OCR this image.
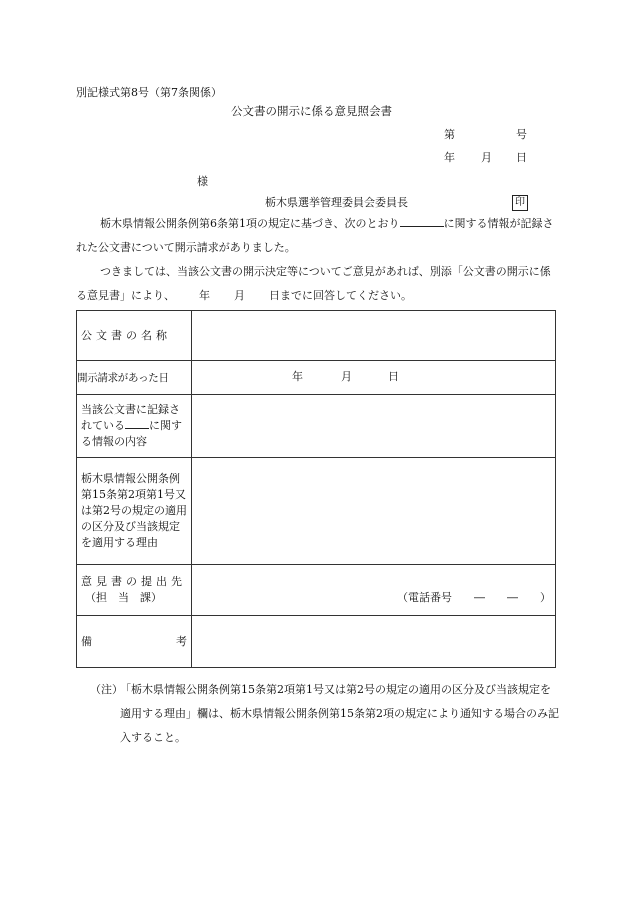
別記様式第8号（第7条関係）
公文書の開示に係る意見照会書
第	号
年 月 日
様
栃木県選挙管理委員会委員長	印
栃木県情報公開条例第6条第1項の規定に基づき、次のとおり	に関する情報が記録された公文書について開示請求がありました。
つきましては、当該公文書の開示決定等についてご意見があれば、別添「公文書の開示に係る意見書」により、 年 月 日までに回答してください。
公文書の名称	
開示請求があった日	年 月 日

当該公文書に記録されている に関する情報の内容	
栃木県情報公開条例第15条第2項第1号又は第2号の規定の適用の区分及び当該規定を適用する理由	

意見書の提出先
（担　当　課）	（電話番号　　―　　―　　）

備 考	

（注）
「栃木県情報公開条例第15条第2項第1号又は第2号の規定の適用の区分及び当該規定を適用する理由」欄は、栃木県情報公開条例第15条第2項の規定により通知する場合のみ記入すること。
